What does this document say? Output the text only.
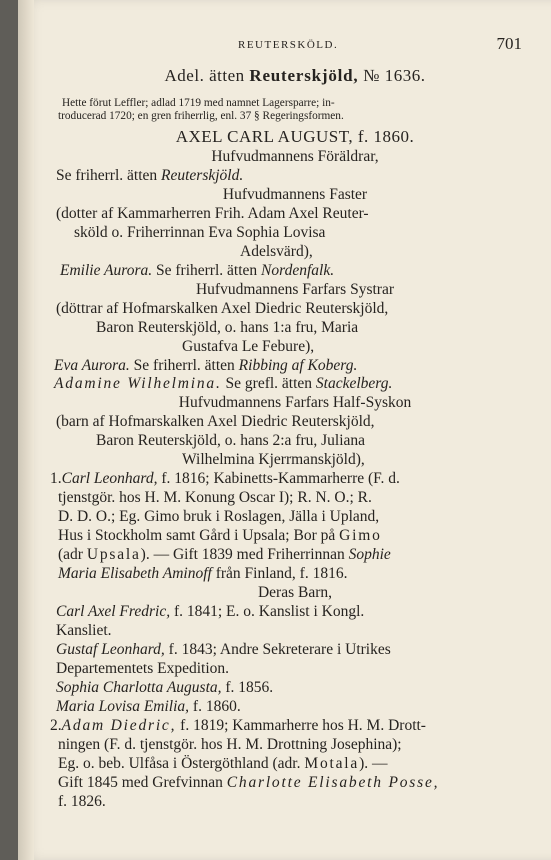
REUTERSKÖLD.	701
Adel. ätten Reuterskjöld, № 1636.
Hette förut Leffler; adlad 1719 med namnet Lagersparre; in-
troducerad 1720; en gren friherrlig, enl. 37 § Regeringsformen.
AXEL CARL AUGUST, f. 1860.
Hufvudmannens Föräldrar,
Se friherrl. ätten Reuterskjöld.
Hufvudmannens Faster
(dotter af Kammarherren Frih. Adam Axel Reuter-
sköld o. Friherrinnan Eva Sophia Lovisa
Adelsvärd),
Emilie Aurora. Se friherrl. ätten Nordenfalk.
Hufvudmannens Farfars Systrar
(döttrar af Hofmarskalken Axel Diedric Reuterskjöld,
Baron Reuterskjöld, o. hans 1:a fru, Maria
Gustafva Le Febure),
Eva Aurora. Se friherrl. ätten Ribbing af Koberg.
Adamine Wilhelmina. Se grefl. ätten Stackelberg.
Hufvudmannens Farfars Half-Syskon
(barn af Hofmarskalken Axel Diedric Reuterskjöld,
Baron Reuterskjöld, o. hans 2:a fru, Juliana
Wilhelmina Kjerrmanskjöld),
1.Carl Leonhard, f. 1816; Kabinetts-Kammarherre (F. d.
tjenstgör. hos H. M. Konung Oscar I); R. N. O.; R.
D. D. O.; Eg. Gimo bruk i Roslagen, Jälla i Upland,
Hus i Stockholm samt Gård i Upsala; Bor på Gimo
(adr Upsala). — Gift 1839 med Friherrinnan Sophie
Maria Elisabeth Aminoff från Finland, f. 1816.
Deras Barn,
Carl Axel Fredric, f. 1841; E. o. Kanslist i Kongl.
Kansliet.
Gustaf Leonhard, f. 1843; Andre Sekreterare i Utrikes
Departementets Expedition.
Sophia Charlotta Augusta, f. 1856.
Maria Lovisa Emilia, f. 1860.
2.Adam Diedric, f. 1819; Kammarherre hos H. M. Drott-
ningen (F. d. tjenstgör. hos H. M. Drottning Josephina);
Eg. o. beb. Ulfåsa i Östergöthland (adr. Motala). —
Gift 1845 med Grefvinnan Charlotte Elisabeth Posse,
f. 1826.
